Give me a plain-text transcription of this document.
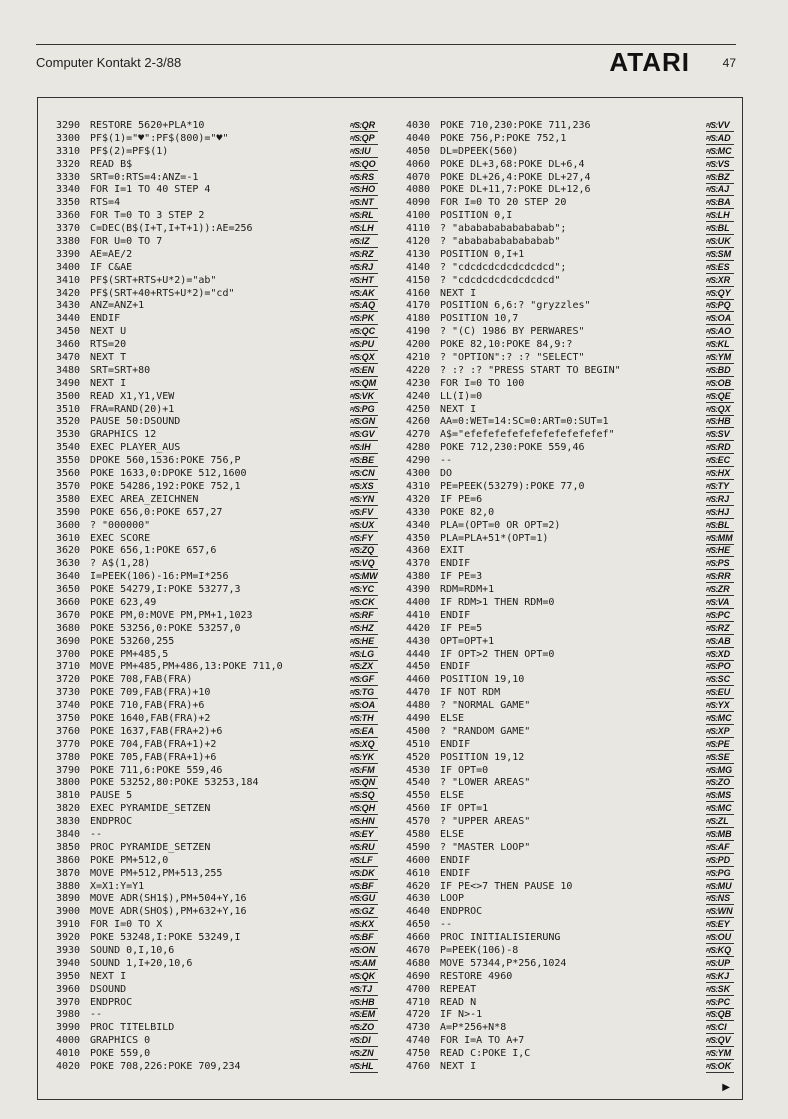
Computer Kontakt 2-3/88	ATARI	47
3290 RESTORE 5620+PLA*10	ᵖ/S:QR
3300 PF$(1)="♥":PF$(800)="♥"	ᵖ/S:QP
3310 PF$(2)=PF$(1)	ᵖ/S:IU
3320 READ B$	ᵖ/S:QO
3330 SRT=0:RTS=4:ANZ=-1	ᵖ/S:RS
3340 FOR I=1 TO 40 STEP 4	ᵖ/S:HO
3350 RTS=4	ᵖ/S:NT
3360 FOR T=0 TO 3 STEP 2	ᵖ/S:RL
3370 C=DEC(B$(I+T,I+T+1)):AE=256	ᵖ/S:LH
3380 FOR U=0 TO 7	ᵖ/S:IZ
3390 AE=AE/2	ᵖ/S:RZ
3400 IF C&AE	ᵖ/S:RJ
3410 PF$(SRT+RTS+U*2)="ab"	ᵖ/S:HT
3420 PF$(SRT+40+RTS+U*2)="cd"	ᵖ/S:AK
3430 ANZ=ANZ+1	ᵖ/S:AQ
3440 ENDIF	ᵖ/S:PK
3450 NEXT U	ᵖ/S:QC
3460 RTS=20	ᵖ/S:PU
3470 NEXT T	ᵖ/S:QX
3480 SRT=SRT+80	ᵖ/S:EN
3490 NEXT I	ᵖ/S:QM
3500 READ X1,Y1,VEW	ᵖ/S:VK
3510 FRA=RAND(20)+1	ᵖ/S:PG
3520 PAUSE 50:DSOUND	ᵖ/S:GN
3530 GRAPHICS 12	ᵖ/S:GV
3540 EXEC PLAYER_AUS	ᵖ/S:IH
3550 DPOKE 560,1536:POKE 756,P	ᵖ/S:BE
3560 POKE 1633,0:DPOKE 512,1600	ᵖ/S:CN
3570 POKE 54286,192:POKE 752,1	ᵖ/S:XS
3580 EXEC AREA_ZEICHNEN	ᵖ/S:YN
3590 POKE 656,0:POKE 657,27	ᵖ/S:FV
3600 ? "000000"	ᵖ/S:UX
3610 EXEC SCORE	ᵖ/S:FY
3620 POKE 656,1:POKE 657,6	ᵖ/S:ZQ
3630 ? A$(1,28)	ᵖ/S:VQ
3640 I=PEEK(106)-16:PM=I*256	ᵖ/S:MW
3650 POKE 54279,I:POKE 53277,3	ᵖ/S:YC
3660 POKE 623,49	ᵖ/S:CK
3670 POKE PM,0:MOVE PM,PM+1,1023	ᵖ/S:RF
3680 POKE 53256,0:POKE 53257,0	ᵖ/S:HZ
3690 POKE 53260,255	ᵖ/S:HE
3700 POKE PM+485,5	ᵖ/S:LG
3710 MOVE PM+485,PM+486,13:POKE 711,0	ᵖ/S:ZX
3720 POKE 708,FAB(FRA)	ᵖ/S:GF
3730 POKE 709,FAB(FRA)+10	ᵖ/S:TG
3740 POKE 710,FAB(FRA)+6	ᵖ/S:OA
3750 POKE 1640,FAB(FRA)+2	ᵖ/S:TH
3760 POKE 1637,FAB(FRA+2)+6	ᵖ/S:EA
3770 POKE 704,FAB(FRA+1)+2	ᵖ/S:XQ
3780 POKE 705,FAB(FRA+1)+6	ᵖ/S:YK
3790 POKE 711,6:POKE 559,46	ᵖ/S:FM
3800 POKE 53252,80:POKE 53253,184	ᵖ/S:QN
3810 PAUSE 5	ᵖ/S:SQ
3820 EXEC PYRAMIDE_SETZEN	ᵖ/S:QH
3830 ENDPROC	ᵖ/S:HN
3840 --	ᵖ/S:EY
3850 PROC PYRAMIDE_SETZEN	ᵖ/S:RU
3860 POKE PM+512,0	ᵖ/S:LF
3870 MOVE PM+512,PM+513,255	ᵖ/S:DK
3880 X=X1:Y=Y1	ᵖ/S:BF
3890 MOVE ADR(SH1$),PM+504+Y,16	ᵖ/S:GU
3900 MOVE ADR(SHO$),PM+632+Y,16	ᵖ/S:GZ
3910 FOR I=0 TO X	ᵖ/S:KX
3920 POKE 53248,I:POKE 53249,I	ᵖ/S:BF
3930 SOUND 0,I,10,6	ᵖ/S:ON
3940 SOUND 1,I+20,10,6	ᵖ/S:AM
3950 NEXT I	ᵖ/S:QK
3960 DSOUND	ᵖ/S:TJ
3970 ENDPROC	ᵖ/S:HB
3980 --	ᵖ/S:EM
3990 PROC TITELBILD	ᵖ/S:ZO
4000 GRAPHICS 0	ᵖ/S:DI
4010 POKE 559,0	ᵖ/S:ZN
4020 POKE 708,226:POKE 709,234	ᵖ/S:HL
4030 POKE 710,230:POKE 711,236	ᵖ/S:VV
4040 POKE 756,P:POKE 752,1	ᵖ/S:AD
4050 DL=DPEEK(560)	ᵖ/S:MC
4060 POKE DL+3,68:POKE DL+6,4	ᵖ/S:VS
4070 POKE DL+26,4:POKE DL+27,4	ᵖ/S:BZ
4080 POKE DL+11,7:POKE DL+12,6	ᵖ/S:AJ
4090 FOR I=0 TO 20 STEP 20	ᵖ/S:BA
4100 POSITION 0,I	ᵖ/S:LH
4110 ? "abababababababab";	ᵖ/S:BL
4120 ? "abababababababab"	ᵖ/S:UK
4130 POSITION 0,I+1	ᵖ/S:SM
4140 ? "cdcdcdcdcdcdcdcd";	ᵖ/S:ES
4150 ? "cdcdcdcdcdcdcdcd"	ᵖ/S:XR
4160 NEXT I	ᵖ/S:QY
4170 POSITION 6,6:? "gryzzles"	ᵖ/S:PQ
4180 POSITION 10,7	ᵖ/S:OA
4190 ? "(C) 1986 BY PERWARES"	ᵖ/S:AO
4200 POKE 82,10:POKE 84,9:?	ᵖ/S:KL
4210 ? "OPTION":? :? "SELECT"	ᵖ/S:YM
4220 ? :? :? "PRESS START TO BEGIN"	ᵖ/S:BD
4230 FOR I=0 TO 100	ᵖ/S:OB
4240 LL(I)=0	ᵖ/S:QE
4250 NEXT I	ᵖ/S:QX
4260 AA=0:WET=14:SC=0:ART=0:SUT=1	ᵖ/S:HB
4270 A$="efefefefefefefefefefefef"	ᵖ/S:SV
4280 POKE 712,230:POKE 559,46	ᵖ/S:RD
4290 --	ᵖ/S:EC
4300 DO	ᵖ/S:HX
4310 PE=PEEK(53279):POKE 77,0	ᵖ/S:TY
4320 IF PE=6	ᵖ/S:RJ
4330 POKE 82,0	ᵖ/S:HJ
4340 PLA=(OPT=0 OR OPT=2)	ᵖ/S:BL
4350 PLA=PLA+51*(OPT=1)	ᵖ/S:MM
4360 EXIT	ᵖ/S:HE
4370 ENDIF	ᵖ/S:PS
4380 IF PE=3	ᵖ/S:RR
4390 RDM=RDM+1	ᵖ/S:ZR
4400 IF RDM>1 THEN RDM=0	ᵖ/S:VA
4410 ENDIF	ᵖ/S:PC
4420 IF PE=5	ᵖ/S:RZ
4430 OPT=OPT+1	ᵖ/S:AB
4440 IF OPT>2 THEN OPT=0	ᵖ/S:XD
4450 ENDIF	ᵖ/S:PO
4460 POSITION 19,10	ᵖ/S:SC
4470 IF NOT RDM	ᵖ/S:EU
4480 ? "NORMAL GAME"	ᵖ/S:YX
4490 ELSE	ᵖ/S:MC
4500 ? "RANDOM GAME"	ᵖ/S:XP
4510 ENDIF	ᵖ/S:PE
4520 POSITION 19,12	ᵖ/S:SE
4530 IF OPT=0	ᵖ/S:MG
4540 ? "LOWER AREAS"	ᵖ/S:ZO
4550 ELSE	ᵖ/S:MS
4560 IF OPT=1	ᵖ/S:MC
4570 ? "UPPER AREAS"	ᵖ/S:ZL
4580 ELSE	ᵖ/S:MB
4590 ? "MASTER LOOP"	ᵖ/S:AF
4600 ENDIF	ᵖ/S:PD
4610 ENDIF	ᵖ/S:PG
4620 IF PE<>7 THEN PAUSE 10	ᵖ/S:MU
4630 LOOP	ᵖ/S:NS
4640 ENDPROC	ᵖ/S:WN
4650 --	ᵖ/S:EY
4660 PROC INITIALISIERUNG	ᵖ/S:OU
4670 P=PEEK(106)-8	ᵖ/S:KQ
4680 MOVE 57344,P*256,1024	ᵖ/S:UP
4690 RESTORE 4960	ᵖ/S:KJ
4700 REPEAT	ᵖ/S:SK
4710 READ N	ᵖ/S:PC
4720 IF N>-1	ᵖ/S:QB
4730 A=P*256+N*8	ᵖ/S:CI
4740 FOR I=A TO A+7	ᵖ/S:QV
4750 READ C:POKE I,C	ᵖ/S:YM
4760 NEXT I	ᵖ/S:OK
▶
